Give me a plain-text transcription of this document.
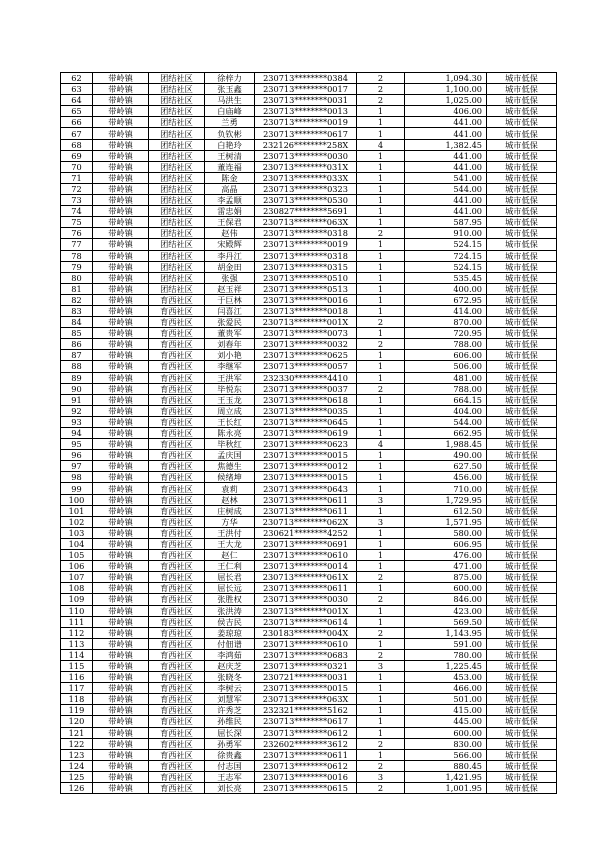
62	带岭镇	团结社区	徐梓力	230713********0384	2	1,094.30	城市低保
63	带岭镇	团结社区	张玉鑫	230713********0017	2	1,100.00	城市低保
64	带岭镇	团结社区	马洪生	230713********0031	2	1,025.00	城市低保
65	带岭镇	团结社区	白庙峰	230713********0013	1	406.00	城市低保
66	带岭镇	团结社区	兰勇	230713********0019	1	441.00	城市低保
67	带岭镇	团结社区	负钦彬	230713********0617	1	441.00	城市低保
68	带岭镇	团结社区	白艳玲	232126********258X	4	1,382.45	城市低保
69	带岭镇	团结社区	王树清	230713********0030	1	441.00	城市低保
70	带岭镇	团结社区	董连福	230713********031X	1	441.00	城市低保
71	带岭镇	团结社区	陈金	230713********033X	1	541.00	城市低保
72	带岭镇	团结社区	高晶	230713********0323	1	544.00	城市低保
73	带岭镇	团结社区	李孟顺	230713********0530	1	441.00	城市低保
74	带岭镇	团结社区	雷忠娟	230827********5691	1	441.00	城市低保
75	带岭镇	团结社区	王保君	230713********063X	1	587.95	城市低保
76	带岭镇	团结社区	赵伟	230713********0318	2	910.00	城市低保
77	带岭镇	团结社区	宋殿辉	230713********0019	1	524.15	城市低保
78	带岭镇	团结社区	李丹江	230713********0318	1	724.15	城市低保
79	带岭镇	团结社区	胡金田	230713********0315	1	524.15	城市低保
80	带岭镇	团结社区	张强	230713********0510	1	535.45	城市低保
81	带岭镇	团结社区	赵玉祥	230713********0513	1	400.00	城市低保
82	带岭镇	育西社区	于巨林	230713********0016	1	672.95	城市低保
83	带岭镇	育西社区	闫喜江	230713********0018	1	414.00	城市低保
84	带岭镇	育西社区	张爱民	230713********001X	2	870.00	城市低保
85	带岭镇	育西社区	董贵军	230713********0073	1	720.95	城市低保
86	带岭镇	育西社区	刘春年	230713********0032	2	788.00	城市低保
87	带岭镇	育西社区	刘小艳	230713********0625	1	606.00	城市低保
88	带岭镇	育西社区	李继军	230713********0057	1	506.00	城市低保
89	带岭镇	育西社区	王洪军	232330********4410	1	481.00	城市低保
90	带岭镇	育西社区	毕悦东	230713********0037	2	788.00	城市低保
91	带岭镇	育西社区	王玉龙	230713********0618	1	664.15	城市低保
92	带岭镇	育西社区	周立成	230713********0035	1	404.00	城市低保
93	带岭镇	育西社区	王长红	230713********0645	1	544.00	城市低保
94	带岭镇	育西社区	陈永亮	230713********0619	1	662.95	城市低保
95	带岭镇	育西社区	毕秋红	230713********0623	4	1,988.45	城市低保
96	带岭镇	育西社区	孟庆国	230713********0015	1	490.00	城市低保
97	带岭镇	育西社区	焦德生	230713********0012	1	627.50	城市低保
98	带岭镇	育西社区	候绪坤	230713********0015	1	456.00	城市低保
99	带岭镇	育西社区	袁莉	230713********0643	1	710.00	城市低保
100	带岭镇	育西社区	赵林	230713********0611	3	1,729.95	城市低保
101	带岭镇	育西社区	庄树成	230713********0611	1	612.50	城市低保
102	带岭镇	育西社区	方华	230713********062X	3	1,571.95	城市低保
103	带岭镇	育西社区	王洪付	230621********4252	1	580.00	城市低保
104	带岭镇	育西社区	王大龙	230713********0691	1	606.95	城市低保
105	带岭镇	育西社区	赵仁	230713********0610	1	476.00	城市低保
106	带岭镇	育西社区	王仁利	230713********0014	1	471.00	城市低保
107	带岭镇	育西社区	屈长君	230713********061X	2	875.00	城市低保
108	带岭镇	育西社区	屈长远	230713********0611	1	600.00	城市低保
109	带岭镇	育西社区	张胜权	230713********0030	2	846.00	城市低保
110	带岭镇	育西社区	张洪涛	230713********001X	1	423.00	城市低保
111	带岭镇	育西社区	侯吉民	230713********0614	1	569.50	城市低保
112	带岭镇	育西社区	姜琼琼	230183********004X	2	1,143.95	城市低保
113	带岭镇	育西社区	付佃谱	230713********0610	1	591.00	城市低保
114	带岭镇	育西社区	李鸿茹	230713********0683	2	780.00	城市低保
115	带岭镇	育西社区	赵庆芝	230713********0321	3	1,225.45	城市低保
116	带岭镇	育西社区	张晓冬	230721********0031	1	453.00	城市低保
117	带岭镇	育西社区	李树云	230713********0015	1	466.00	城市低保
118	带岭镇	育西社区	刘慧军	230713********063X	1	501.00	城市低保
119	带岭镇	育西社区	许秀芝	232321********5162	1	415.00	城市低保
120	带岭镇	育西社区	孙维民	230713********0617	1	445.00	城市低保
121	带岭镇	育西社区	屈长深	230713********0612	1	600.00	城市低保
122	带岭镇	育西社区	孙勇军	232602********3612	2	830.00	城市低保
123	带岭镇	育西社区	徐贵鑫	230713********0611	1	566.00	城市低保
124	带岭镇	育西社区	付志国	230713********0612	2	880.45	城市低保
125	带岭镇	育西社区	王志军	230713********0016	3	1,421.95	城市低保
126	带岭镇	育西社区	刘长亮	230713********0615	2	1,001.95	城市低保
